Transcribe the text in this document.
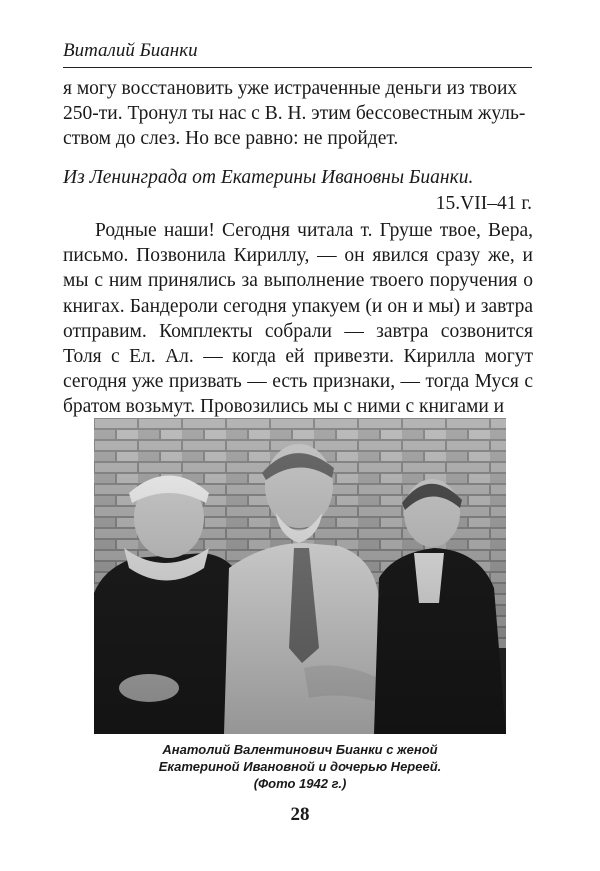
Виталий Бианки

я могу восстановить уже истраченные деньги из твоих

250-ти. Тронул ты нас с В. Н. этим бессовестным жуль-

ством до слез. Но все равно: не пройдет.

Из Ленинграда от Екатерины Ивановны Бианки.
15.VII–41 г.
Родные наши! Сегодня читала т. Груше твое, Вера, письмо. Позвонила Кириллу, — он явился сразу же, и мы с ним принялись за выполнение твоего поручения о книгах. Бандероли сегодня упакуем (и он и мы) и завтра отправим. Комплекты собрали — завтра созвонится Толя с Ел. Ал. — когда ей привезти. Кирилла могут сегодня уже призвать — есть признаки, — тогда Муся с братом возьмут. Провозились мы с ними с книгами и
Анатолий Валентинович Бианки с женой
Екатериной Ивановной и дочерью Нереей.
(Фото 1942 г.)
28
